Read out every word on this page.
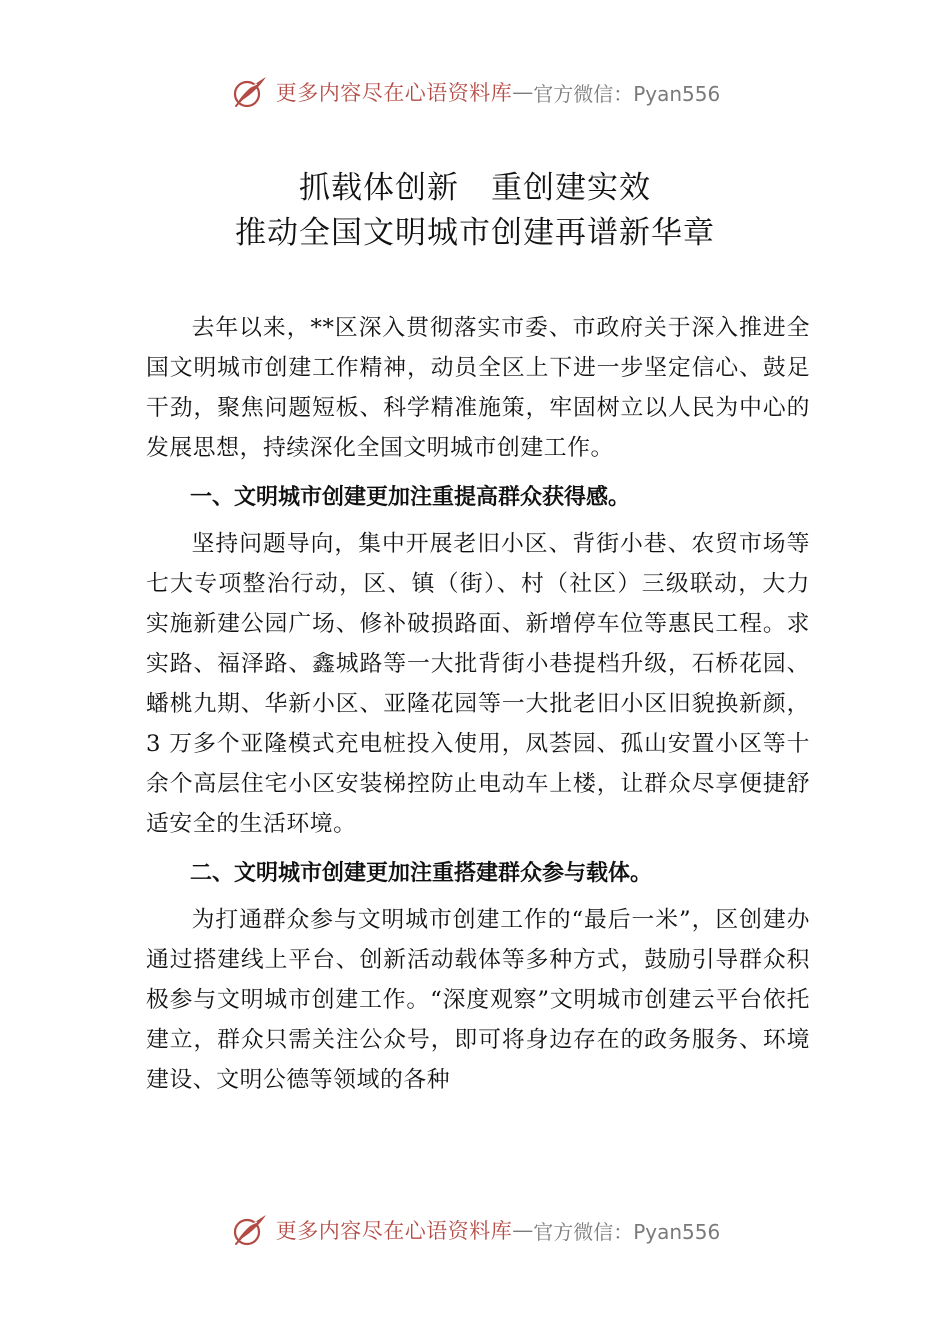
更多内容尽在心语资料库 — 官方微信：Pyan556
抓载体创新　重创建实效
推动全国文明城市创建再谱新华章

去年以来，**区深入贯彻落实市委、市政府关于深入推进全国文明城市创建工作精神，动员全区上下进一步坚定信心、鼓足干劲，聚焦问题短板、科学精准施策，牢固树立以人民为中心的发展思想，持续深化全国文明城市创建工作。

一、文明城市创建更加注重提高群众获得感。

坚持问题导向，集中开展老旧小区、背街小巷、农贸市场等七大专项整治行动，区、镇（街）、村（社区）三级联动，大力实施新建公园广场、修补破损路面、新增停车位等惠民工程。求实路、福泽路、鑫城路等一大批背街小巷提档升级，石桥花园、蟠桃九期、华新小区、亚隆花园等一大批老旧小区旧貌换新颜，3 万多个亚隆模式充电桩投入使用，凤荟园、孤山安置小区等十余个高层住宅小区安装梯控防止电动车上楼，让群众尽享便捷舒适安全的生活环境。

二、文明城市创建更加注重搭建群众参与载体。

为打通群众参与文明城市创建工作的“最后一米”，区创建办通过搭建线上平台、创新活动载体等多种方式，鼓励引导群众积极参与文明城市创建工作。“深度观察”文明城市创建云平台依托建立，群众只需关注公众号，即可将身边存在的政务服务、环境建设、文明公德等领域的各种

更多内容尽在心语资料库 — 官方微信：Pyan556
